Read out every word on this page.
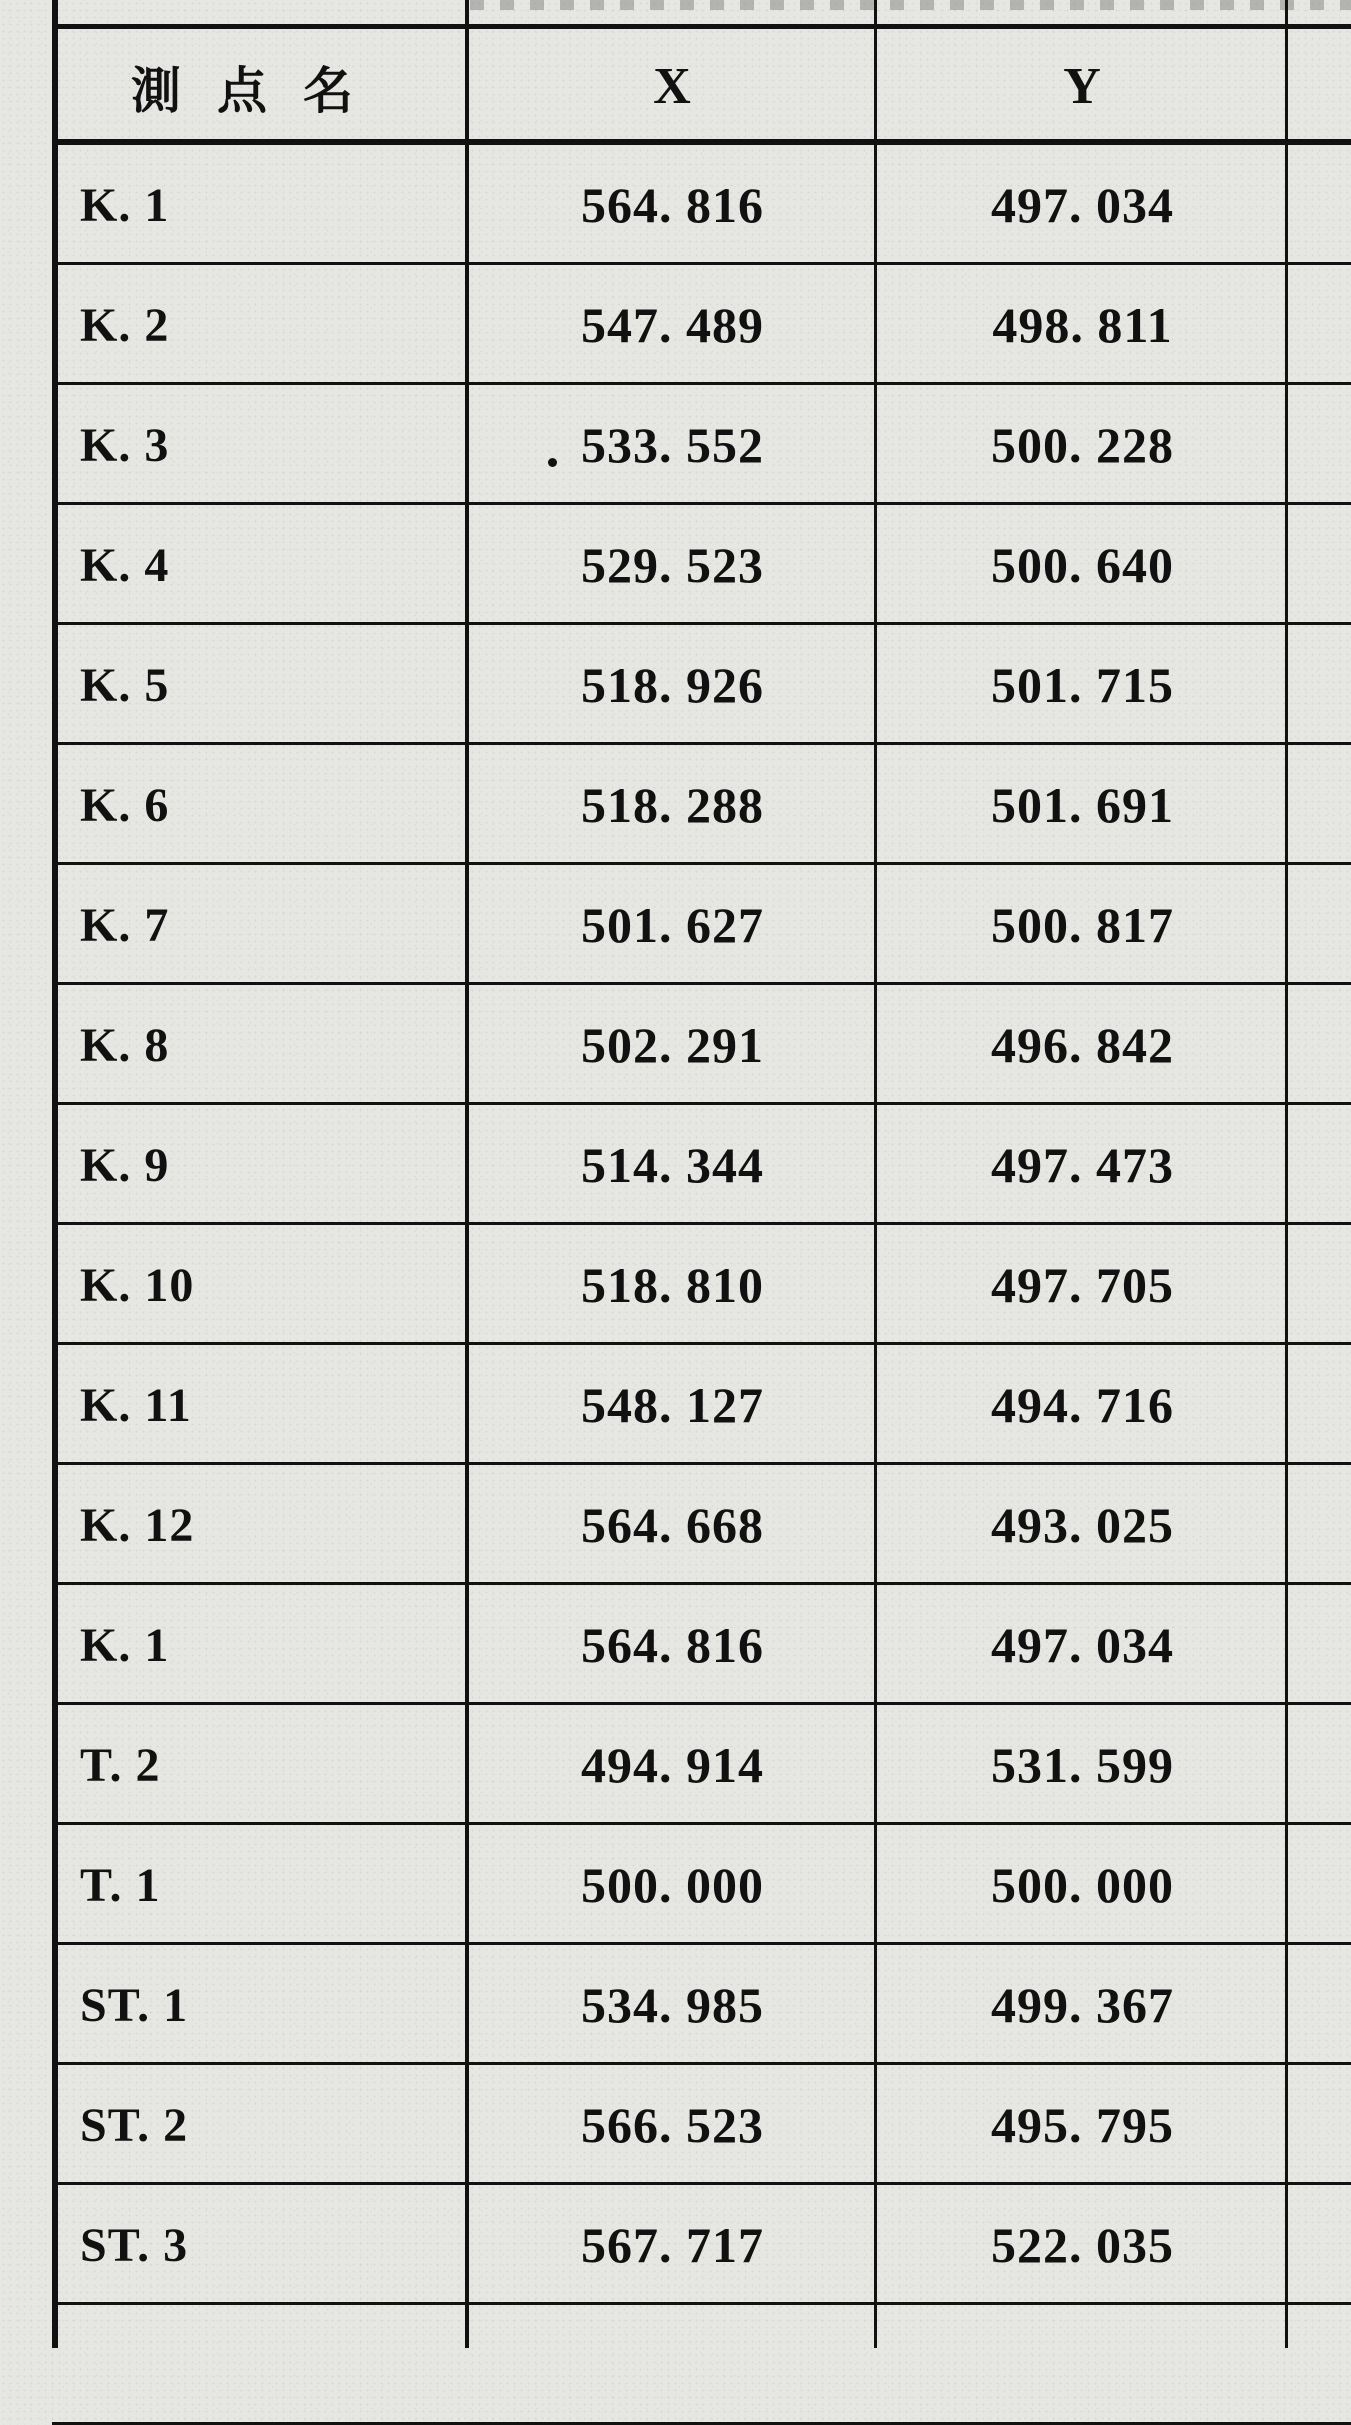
測点名	X	Y
K. 1	564. 816	497. 034
K. 2	547. 489	498. 811
K. 3	533. 552	500. 228
K. 4	529. 523	500. 640
K. 5	518. 926	501. 715
K. 6	518. 288	501. 691
K. 7	501. 627	500. 817
K. 8	502. 291	496. 842
K. 9	514. 344	497. 473
K. 10	518. 810	497. 705
K. 11	548. 127	494. 716
K. 12	564. 668	493. 025
K. 1	564. 816	497. 034
T. 2	494. 914	531. 599
T. 1	500. 000	500. 000
ST. 1	534. 985	499. 367
ST. 2	566. 523	495. 795
ST. 3	567. 717	522. 035
